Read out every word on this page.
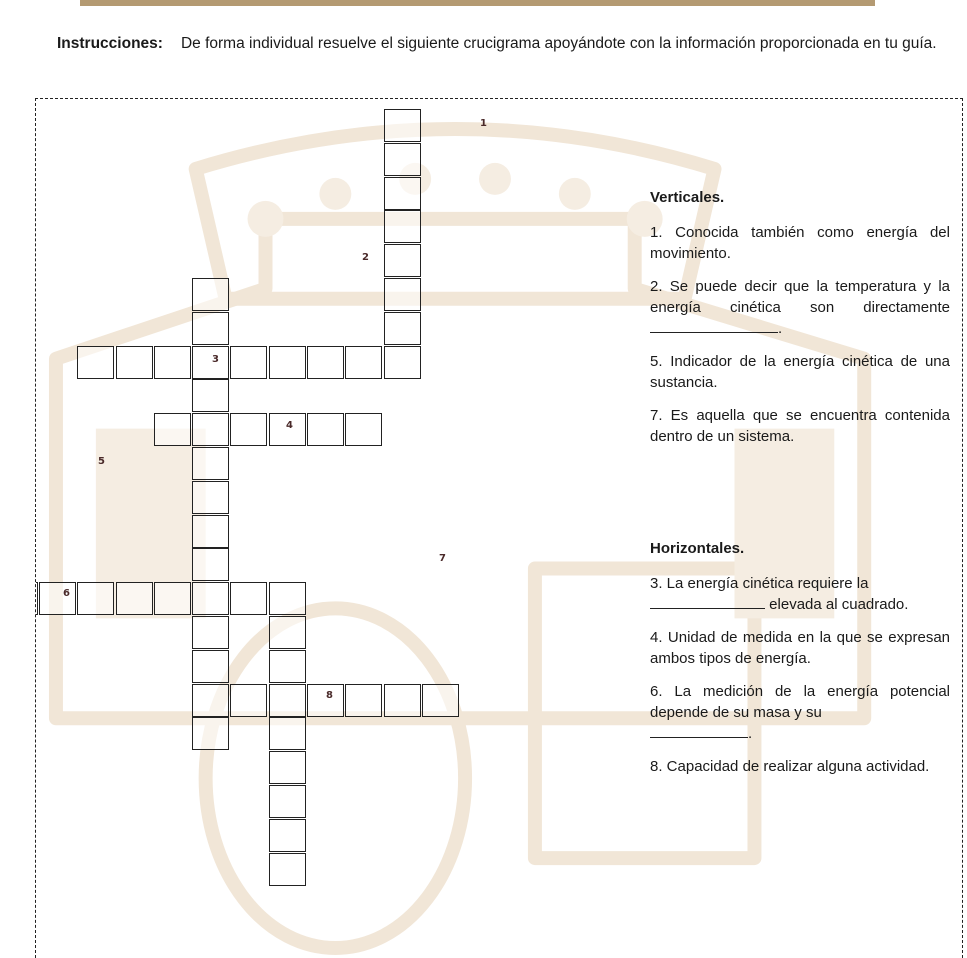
Instrucciones: De forma individual resuelve el siguiente crucigrama apoyándote con la información proporcionada en tu guía.
1
2
3
4
5
6
7
8
Verticales.

1. Conocida también como energía del movimiento.

2. Se puede decir que la temperatura y la energía cinética son directamente .

5. Indicador de la energía cinética de una sustancia.

7. Es aquella que se encuentra contenida dentro de un sistema.

Horizontales.

3. La energía cinética requiere la
elevada al cuadrado.

4. Unidad de medida en la que se expresan ambos tipos de energía.

6. La medición de la energía potencial depende de su masa y su
.

8. Capacidad de realizar alguna actividad.
